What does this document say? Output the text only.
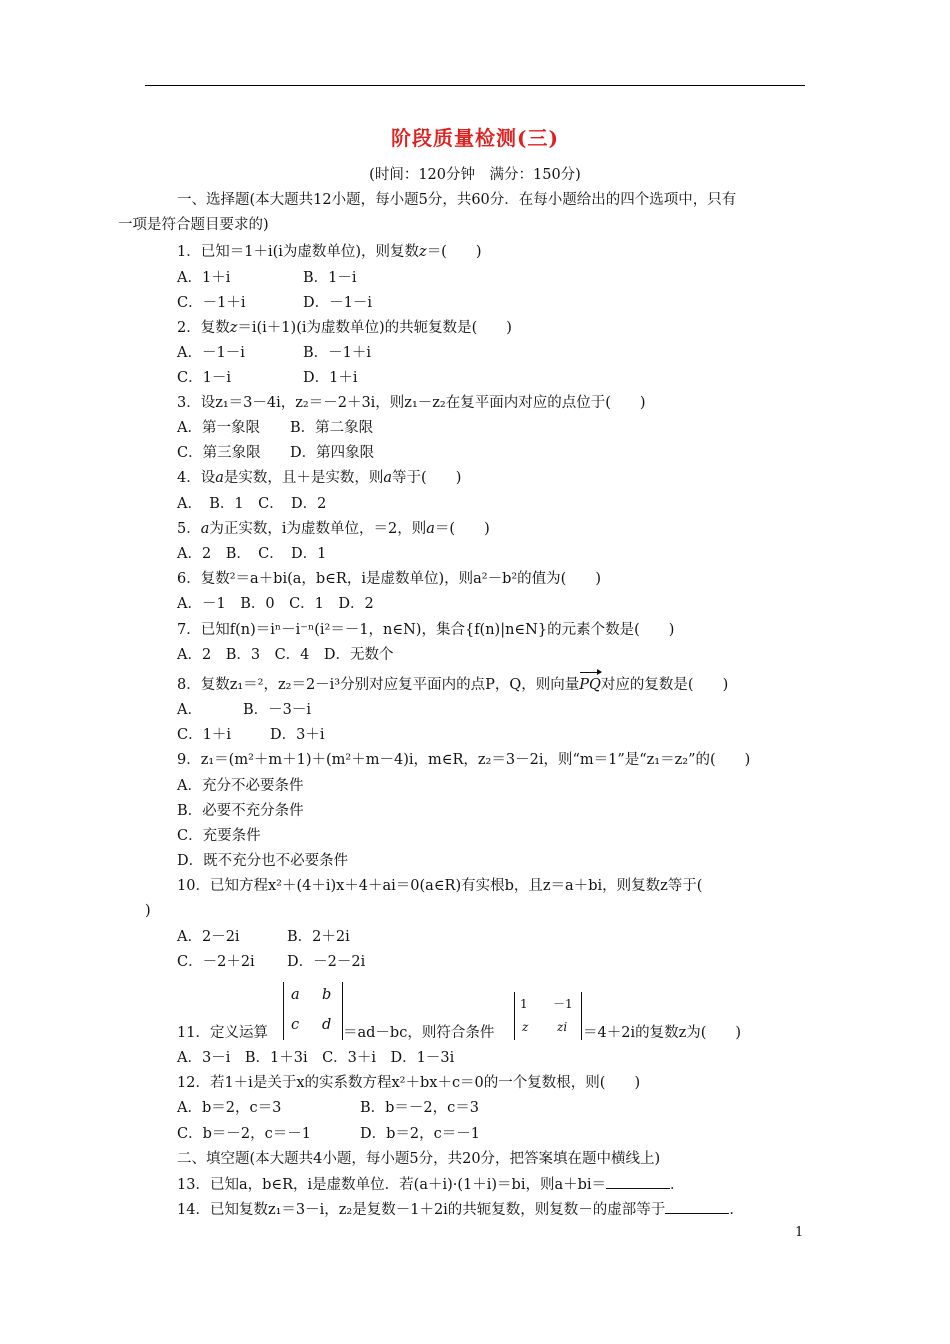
阶段质量检测(三)
(时间：120分钟　满分：150分)
一、选择题(本大题共12小题，每小题5分，共60分．在每小题给出的四个选项中，只有
一项是符合题目要求的)
1．已知＝1＋i(i为虚数单位)，则复数z＝(　　)
A．1＋i	B．1－i
C．－1＋i	D．－1－i
2．复数z＝i(i＋1)(i为虚数单位)的共轭复数是(　　)
A．－1－i	B．－1＋i
C．1－i	D．1＋i
3．设z₁＝3－4i，z₂＝－2＋3i，则z₁－z₂在复平面内对应的点位于(　　)
A．第一象限 B．第二象限
C．第三象限 D．第四象限
4．设a是实数，且＋是实数，则a等于(　　)
A．　B．1　C．　D．2
5．a为正实数，i为虚数单位，＝2，则a＝(　　)
A．2　B．　C．　D．1
6．复数²＝a＋bi(a，b∈R，i是虚数单位)，则a²－b²的值为(　　)
A．－1　B．0　C．1　D．2
7．已知f(n)＝iⁿ－i⁻ⁿ(i²＝－1，n∈N)，集合{f(n)|n∈N}的元素个数是(　　)
A．2　B．3　C．4　D．无数个
8．复数z₁＝²，z₂＝2－i³分别对应复平面内的点P，Q，则向量PQ对应的复数是(　　)
A．	B．－3－i
C．1＋i	D．3＋i
9．z₁＝(m²＋m＋1)＋(m²＋m－4)i，m∈R，z₂＝3－2i，则“m＝1”是“z₁＝z₂”的(　　)
A．充分不必要条件
B．必要不充分条件
C．充要条件
D．既不充分也不必要条件
10．已知方程x²＋(4＋i)x＋4＋ai＝0(a∈R)有实根b，且z＝a＋bi，则复数z等于(
)
A．2－2i	B．2＋2i
C．－2＋2i D．－2－2i
11．定义运算
a b
c d ＝ad－bc，则符合条件
1 －1
z zi ＝4＋2i的复数z为(　　)
A．3－i　B．1＋3i　C．3＋i　D．1－3i
12．若1＋i是关于x的实系数方程x²＋bx＋c＝0的一个复数根，则(　　)
A．b＝2，c＝3	B．b＝－2，c＝3
C．b＝－2，c＝－1	D．b＝2，c＝－1
二、填空题(本大题共4小题，每小题5分，共20分，把答案填在题中横线上)
13．已知a，b∈R，i是虚数单位．若(a＋i)·(1＋i)＝bi，则a＋bi＝	．
14．已知复数z₁＝3－i，z₂是复数－1＋2i的共轭复数，则复数－的虚部等于	．
1
